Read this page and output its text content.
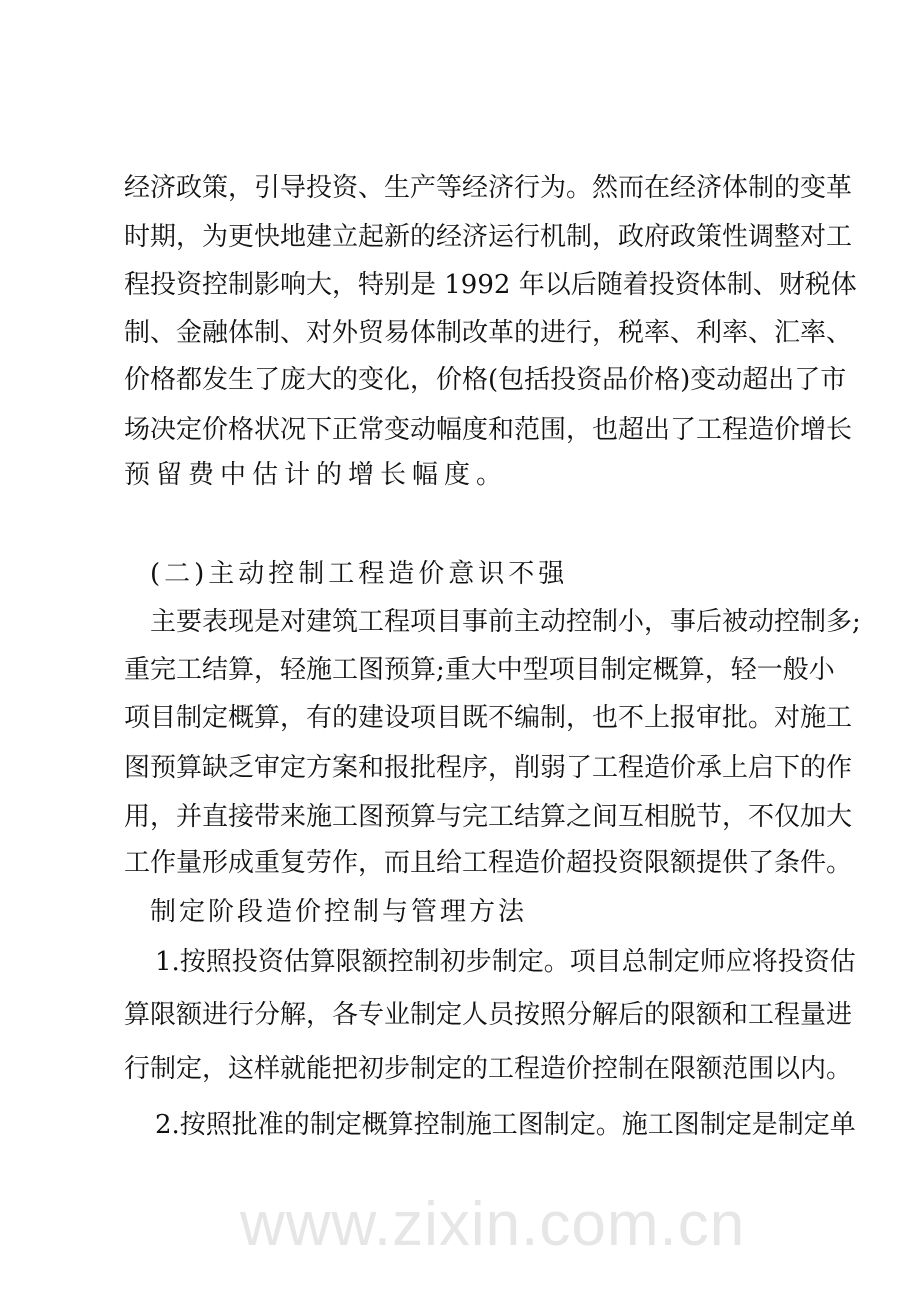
www.zixin.com.cn
经济政策，引导投资、生产等经济行为。然而在经济体制的变革
时期，为更快地建立起新的经济运行机制，政府政策性调整对工
程投资控制影响大，特别是 1992 年以后随着投资体制、财税体
制、金融体制、对外贸易体制改革的进行，税率、利率、汇率、
价格都发生了庞大的变化，价格(包括投资品价格)变动超出了市
场决定价格状况下正常变动幅度和范围，也超出了工程造价增长
预留费中估计的增长幅度。
(二)主动控制工程造价意识不强
主要表现是对建筑工程项目事前主动控制小，事后被动控制多;
重完工结算，轻施工图预算;重大中型项目制定概算，轻一般小
项目制定概算，有的建设项目既不编制，也不上报审批。对施工
图预算缺乏审定方案和报批程序，削弱了工程造价承上启下的作
用，并直接带来施工图预算与完工结算之间互相脱节，不仅加大
工作量形成重复劳作，而且给工程造价超投资限额提供了条件。
制定阶段造价控制与管理方法
1.按照投资估算限额控制初步制定。项目总制定师应将投资估
算限额进行分解，各专业制定人员按照分解后的限额和工程量进
行制定，这样就能把初步制定的工程造价控制在限额范围以内。
2.按照批准的制定概算控制施工图制定。施工图制定是制定单
